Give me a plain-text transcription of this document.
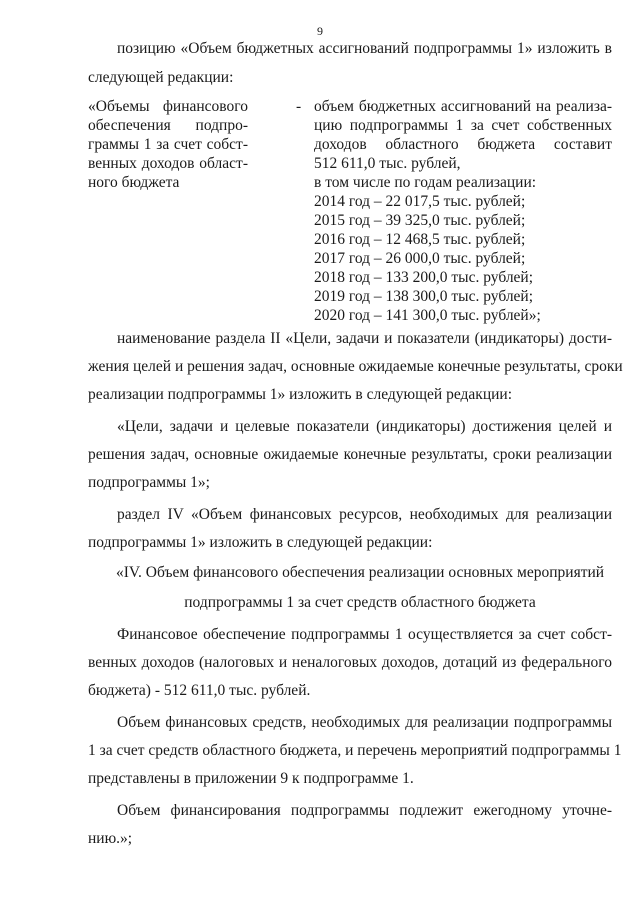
9
позицию «Объем бюджетных ассигнований подпрограммы 1» изложить в
следующей редакции:
«Объемы финансового
обеспечения подпро-
граммы 1 за счет собст-
венных доходов област-
ного бюджета
- объем бюджетных ассигнований на реализа-
цию подпрограммы 1 за счет собственных
доходов областного бюджета составит
512 611,0 тыс. рублей,
в том числе по годам реализации:
2014 год – 22 017,5 тыс. рублей;
2015 год – 39 325,0 тыс. рублей;
2016 год – 12 468,5 тыс. рублей;
2017 год – 26 000,0 тыс. рублей;
2018 год – 133 200,0 тыс. рублей;
2019 год – 138 300,0 тыс. рублей;
2020 год – 141 300,0 тыс. рублей»;
наименование раздела II «Цели, задачи и показатели (индикаторы) дости-
жения целей и решения задач, основные ожидаемые конечные результаты, сроки
реализации подпрограммы 1» изложить в следующей редакции:
«Цели, задачи и целевые показатели (индикаторы) достижения целей и
решения задач, основные ожидаемые конечные результаты, сроки реализации
подпрограммы 1»;
раздел IV «Объем финансовых ресурсов, необходимых для реализации
подпрограммы 1» изложить в следующей редакции:
«IV. Объем финансового обеспечения реализации основных мероприятий
подпрограммы 1 за счет средств областного бюджета
Финансовое обеспечение подпрограммы 1 осуществляется за счет собст-
венных доходов (налоговых и неналоговых доходов, дотаций из федерального
бюджета) - 512 611,0 тыс. рублей.
Объем финансовых средств, необходимых для реализации подпрограммы
1 за счет средств областного бюджета, и перечень мероприятий подпрограммы 1
представлены в приложении 9 к подпрограмме 1.
Объем финансирования подпрограммы подлежит ежегодному уточне-
нию.»;
